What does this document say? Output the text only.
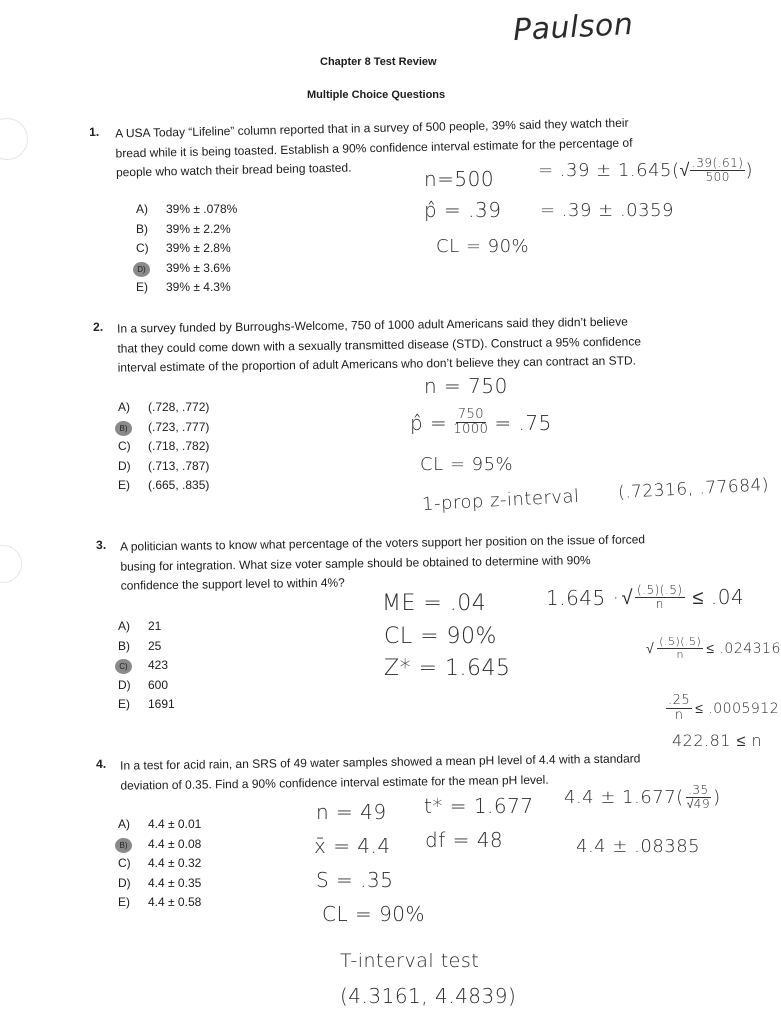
Paulson
Chapter 8 Test Review
Multiple Choice Questions
1.	A USA Today “Lifeline” column reported that in a survey of 500 people, 39% said they watch their
bread while it is being toasted. Establish a 90% confidence interval estimate for the percentage of
people who watch their bread being toasted.
A)	39% ± .078%
B)	39% ± 2.2%
C)	39% ± 2.8%
D)	39% ± 3.6%
E)	39% ± 4.3%
n=500
p̂ = .39
CL = 90%
= .39 ± 1.645( √ $\frac{.39(.61)}{500}$ )
= .39 ± .0359
2.	In a survey funded by Burroughs-Welcome, 750 of 1000 adult Americans said they didn’t believe
that they could come down with a sexually transmitted disease (STD). Construct a 95% confidence
interval estimate of the proportion of adult Americans who don’t believe they can contract an STD.
A)	(.728, .772)
B)	(.723, .777)
C)	(.718, .782)
D)	(.713, .787)
E)	(.665, .835)
n = 750
p̂ = $\frac{750}{1000} = .75$
CL = 95%
1-prop z-interval (.72316, .77684)
3.	A politician wants to know what percentage of the voters support her position on the issue of forced
busing for integration. What size voter sample should be obtained to determine with 90%
confidence the support level to within 4%?
A)	21
B)	25
C)	423
D)	600
E)	1691
ME = .04
CL = 90%
Z* = 1.645
1.645 · √ $\frac{(.5)(.5)}{n} \le .04$
√ $\frac{(.5)(.5)}{n} \le .024316$
$\frac{.25}{n} \le .0005912$
422.81 ≤ n
4.	In a test for acid rain, an SRS of 49 water samples showed a mean pH level of 4.4 with a standard
deviation of 0.35. Find a 90% confidence interval estimate for the mean pH level.
A)	4.4 ± 0.01
B)	4.4 ± 0.08
C)	4.4 ± 0.32
D)	4.4 ± 0.35
E)	4.4 ± 0.58
n = 49
x̄ = 4.4
S = .35
CL = 90%
t* = 1.677
df = 48
$4.4 \pm 1.677( \frac{.35}{√49}$ )
4.4 ± .08385
T-interval test
(4.3161, 4.4839)
